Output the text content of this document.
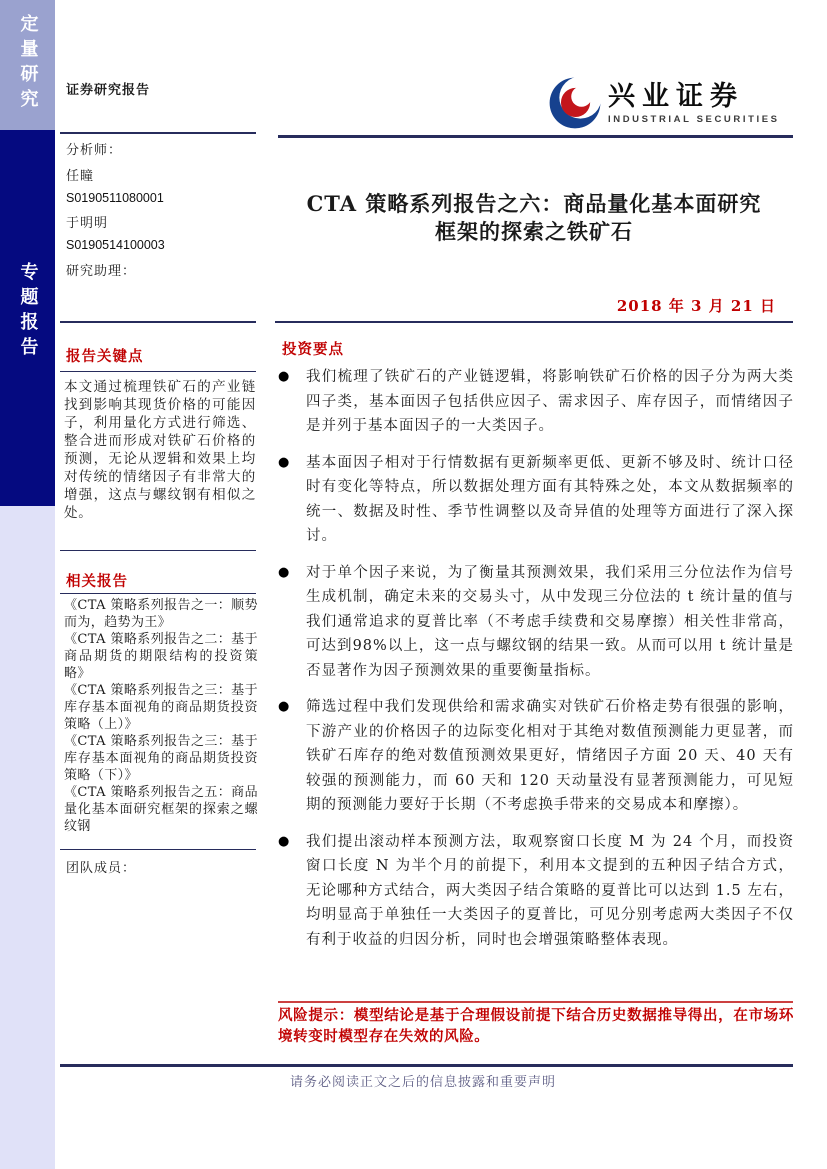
定量研究
专题报告
证券研究报告
分析师：
任瞳
S0190511080001
于明明
S0190514100003
研究助理：
报告关键点
本文通过梳理铁矿石的产业链找到影响其现货价格的可能因子，利用量化方式进行筛选、整合进而形成对铁矿石价格的预测，无论从逻辑和效果上均对传统的情绪因子有非常大的增强，这点与螺纹钢有相似之处。
相关报告

《CTA 策略系列报告之一：顺势而为，趋势为王》

《CTA 策略系列报告之二：基于商品期货的期限结构的投资策略》

《CTA 策略系列报告之三：基于库存基本面视角的商品期货投资策略（上）》

《CTA 策略系列报告之三：基于库存基本面视角的商品期货投资策略（下）》

《CTA 策略系列报告之五：商品量化基本面研究框架的探索之螺纹钢

团队成员：
兴业证券
INDUSTRIAL SECURITIES
CTA 策略系列报告之六：商品量化基本面研究
框架的探索之铁矿石
2018 年 3 月 21 日
投资要点
●	我们梳理了铁矿石的产业链逻辑，将影响铁矿石价格的因子分为两大类四子类，基本面因子包括供应因子、需求因子、库存因子，而情绪因子是并列于基本面因子的一大类因子。
●	基本面因子相对于行情数据有更新频率更低、更新不够及时、统计口径时有变化等特点，所以数据处理方面有其特殊之处，本文从数据频率的统一、数据及时性、季节性调整以及奇异值的处理等方面进行了深入探讨。
●	对于单个因子来说，为了衡量其预测效果，我们采用三分位法作为信号生成机制，确定未来的交易头寸，从中发现三分位法的 t 统计量的值与我们通常追求的夏普比率（不考虑手续费和交易摩擦）相关性非常高，可达到98%以上，这一点与螺纹钢的结果一致。从而可以用 t 统计量是否显著作为因子预测效果的重要衡量指标。
●	筛选过程中我们发现供给和需求确实对铁矿石价格走势有很强的影响，下游产业的价格因子的边际变化相对于其绝对数值预测能力更显著，而铁矿石库存的绝对数值预测效果更好，情绪因子方面 20 天、40 天有较强的预测能力，而 60 天和 120 天动量没有显著预测能力，可见短期的预测能力要好于长期（不考虑换手带来的交易成本和摩擦）。
●	我们提出滚动样本预测方法，取观察窗口长度 M 为 24 个月，而投资窗口长度 N 为半个月的前提下，利用本文提到的五种因子结合方式，无论哪种方式结合，两大类因子结合策略的夏普比可以达到 1.5 左右，均明显高于单独任一大类因子的夏普比，可见分别考虑两大类因子不仅有利于收益的归因分析，同时也会增强策略整体表现。
风险提示：模型结论是基于合理假设前提下结合历史数据推导得出，在市场环境转变时模型存在失效的风险。
请务必阅读正文之后的信息披露和重要声明
